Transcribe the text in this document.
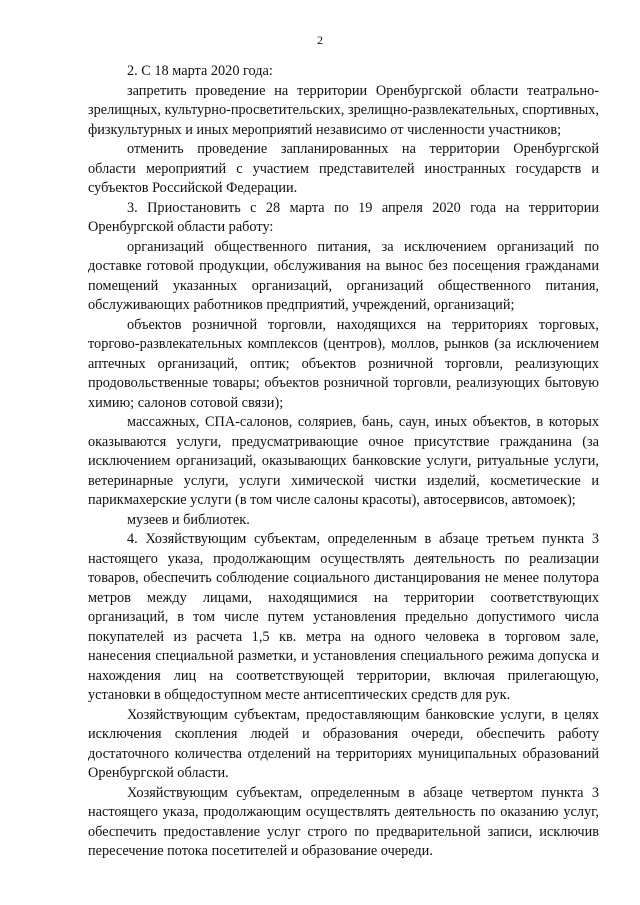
2

2. С 18 марта 2020 года:

запретить проведение на территории Оренбургской области театрально-зрелищных, культурно-просветительских, зрелищно-развлекательных, спортивных, физкультурных и иных мероприятий независимо от численности участников;

отменить проведение запланированных на территории Оренбургской области мероприятий с участием представителей иностранных государств и субъектов Российской Федерации.

3. Приостановить с 28 марта по 19 апреля 2020 года на территории Оренбургской области работу:

организаций общественного питания, за исключением организаций по доставке готовой продукции, обслуживания на вынос без посещения гражданами помещений указанных организаций, организаций общественного питания, обслуживающих работников предприятий, учреждений, организаций;

объектов розничной торговли, находящихся на территориях торговых, торгово-развлекательных комплексов (центров), моллов, рынков (за исключением аптечных организаций, оптик; объектов розничной торговли, реализующих продовольственные товары; объектов розничной торговли, реализующих бытовую химию; салонов сотовой связи);

массажных, СПА-салонов, соляриев, бань, саун, иных объектов, в которых оказываются услуги, предусматривающие очное присутствие гражданина (за исключением организаций, оказывающих банковские услуги, ритуальные услуги, ветеринарные услуги, услуги химической чистки изделий, косметические и парикмахерские услуги (в том числе салоны красоты), автосервисов, автомоек);

музеев и библиотек.

4. Хозяйствующим субъектам, определенным в абзаце третьем пункта 3 настоящего указа, продолжающим осуществлять деятельность по реализации товаров, обеспечить соблюдение социального дистанцирования не менее полутора метров между лицами, находящимися на территории соответствующих организаций, в том числе путем установления предельно допустимого числа покупателей из расчета 1,5 кв. метра на одного человека в торговом зале, нанесения специальной разметки, и установления специального режима допуска и нахождения лиц на соответствующей территории, включая прилегающую, установки в общедоступном месте антисептических средств для рук.

Хозяйствующим субъектам, предоставляющим банковские услуги, в целях исключения скопления людей и образования очереди, обеспечить работу достаточного количества отделений на территориях муниципальных образований Оренбургской области.

Хозяйствующим субъектам, определенным в абзаце четвертом пункта 3 настоящего указа, продолжающим осуществлять деятельность по оказанию услуг, обеспечить предоставление услуг строго по предварительной записи, исключив пересечение потока посетителей и образование очереди.
